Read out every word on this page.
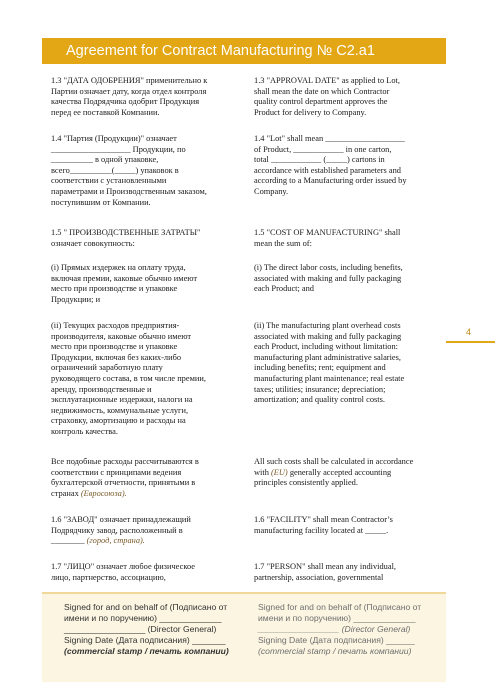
Agreement for Contract Manufacturing № C2.a1
1.3 "ДАТА ОДОБРЕНИЯ" применительно к
Партии означает дату, когда отдел контроля
качества Подрядчика одобрит Продукция
перед ее поставкой Компании.
1.4 "Партия (Продукции)" означает
___________________ Продукции, по
__________ в одной упаковке,
всего__________(_____) упаковок в
соответствии с установленными
параметрами и Производственным заказом,
поступившим от Компании.
1.5 " ПРОИЗВОДСТВЕННЫЕ ЗАТРАТЫ"
означает совокупность:
(i) Прямых издержек на оплату труда,
включая премии, каковые обычно имеют
место при производстве и упаковке
Продукции; и
(ii) Текущих расходов предприятия-
производителя, каковые обычно имеют
место при производстве и упаковке
Продукции, включая без каких-либо
ограничений заработную плату
руководящего состава, в том числе премии,
аренду, производственные и
эксплуатационные издержки, налоги на
недвижимость, коммунальные услуги,
страховку, амортизацию и расходы на
контроль качества.
Все подобные расходы рассчитываются в
соответствии с принципами ведения
бухгалтерской отчетности, принятыми в
странах (Евросоюза).
1.6 "ЗАВОД" означает принадлежащий
Подрядчику завод, расположенный в
________ (город, страна).
1.7 "ЛИЦО" означает любое физическое
лицо, партнерство, ассоциацию,
1.3 "APPROVAL DATE" as applied to Lot,
shall mean the date on which Contractor
quality control department approves the
Product for delivery to Company.
1.4 "Lot" shall mean ___________________
of Product, ____________ in one carton,
total ____________ (_____) cartons in
accordance with established parameters and
according to a Manufacturing order issued by
Company.
1.5 "COST OF MANUFACTURING" shall
mean the sum of:
(i) The direct labor costs, including benefits,
associated with making and fully packaging
each Product; and
(ii) The manufacturing plant overhead costs
associated with making and fully packaging
each Product, including without limitation:
manufacturing plant administrative salaries,
including benefits; rent; equipment and
manufacturing plant maintenance; real estate
taxes; utilities; insurance; depreciation;
amortization; and quality control costs.
All such costs shall be calculated in accordance
with (EU) generally accepted accounting
principles consistently applied.
1.6 "FACILITY" shall mean Contractor’s
manufacturing facility located at _____.
1.7 "PERSON" shall mean any individual,
partnership, association, governmental
4
Signed for and on behalf of (Подписано от
имени и по поручению) _____________
_________________ (Director General)
Signing Date (Дата подписания) _______
(commercial stamp / печать компании)
Signed for and on behalf of (Подписано от
имени и по поручению) _____________
_________________ (Director General)
Signing Date (Дата подписания) ______
(commercial stamp / печать компании)
